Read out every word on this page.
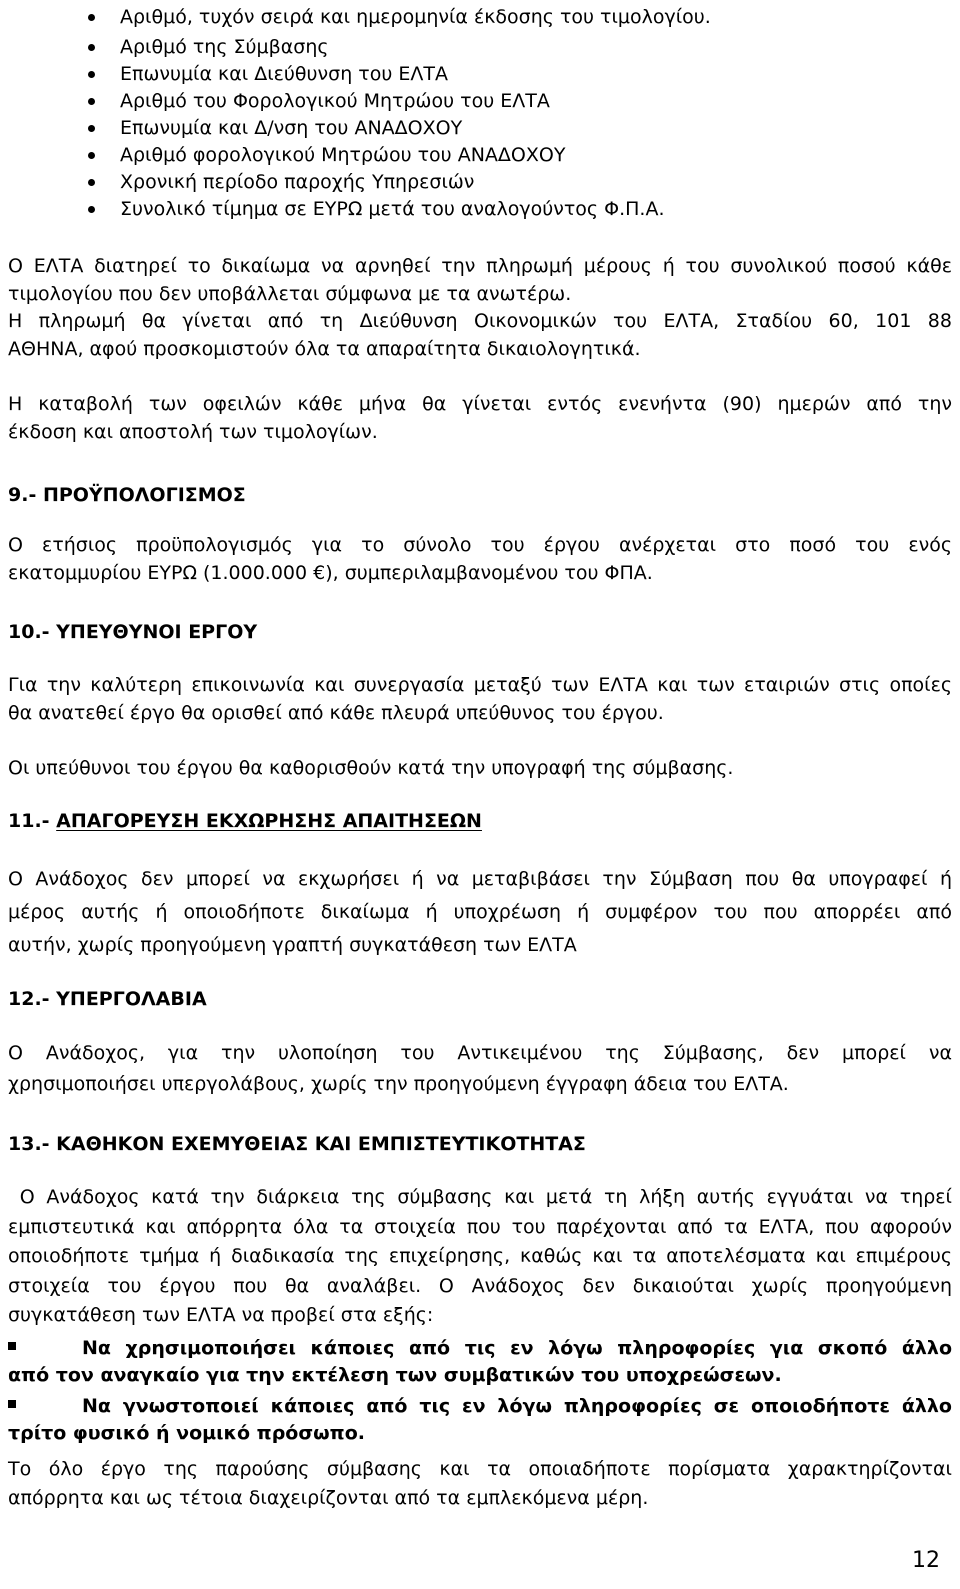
Αριθμό, τυχόν σειρά και ημερομηνία έκδοσης του τιμολογίου.
Αριθμό της Σύμβασης
Επωνυμία και Διεύθυνση του ΕΛΤΑ
Αριθμό του Φορολογικού Μητρώου του ΕΛΤΑ
Επωνυμία και Δ/νση του ΑΝΑΔΟΧΟΥ
Αριθμό φορολογικού Μητρώου του ΑΝΑΔΟΧΟΥ
Χρονική περίοδο παροχής Υπηρεσιών
Συνολικό τίμημα σε ΕΥΡΩ μετά του αναλογούντος Φ.Π.Α.
Ο ΕΛΤΑ διατηρεί το δικαίωμα να αρνηθεί την πληρωμή μέρους ή του συνολικού ποσού κάθε
τιμολογίου που δεν υποβάλλεται σύμφωνα με τα ανωτέρω.
Η πληρωμή θα γίνεται από τη Διεύθυνση Οικονομικών του ΕΛΤΑ, Σταδίου 60, 101 88
ΑΘΗΝΑ, αφού προσκομιστούν όλα τα απαραίτητα δικαιολογητικά.
Η καταβολή των οφειλών κάθε μήνα θα γίνεται εντός ενενήντα (90) ημερών από την
έκδοση και αποστολή των τιμολογίων.
9.- ΠΡΟΫΠΟΛΟΓΙΣΜΟΣ
Ο ετήσιος προϋπολογισμός για το σύνολο του έργου ανέρχεται στο ποσό του ενός
εκατομμυρίου ΕΥΡΩ (1.000.000 €), συμπεριλαμβανομένου του ΦΠΑ.
10.- ΥΠΕΥΘΥΝΟΙ ΕΡΓΟΥ
Για την καλύτερη επικοινωνία και συνεργασία μεταξύ των ΕΛΤΑ και των εταιριών στις οποίες
θα ανατεθεί έργο θα ορισθεί από κάθε πλευρά υπεύθυνος του έργου.
Οι υπεύθυνοι του έργου θα καθορισθούν κατά την υπογραφή της σύμβασης.
11.- ΑΠΑΓΟΡΕΥΣΗ ΕΚΧΩΡΗΣΗΣ ΑΠΑΙΤΗΣΕΩΝ
Ο Ανάδοχος δεν μπορεί να εκχωρήσει ή να μεταβιβάσει την Σύμβαση που θα υπογραφεί ή
μέρος αυτής ή οποιοδήποτε δικαίωμα ή υποχρέωση ή συμφέρον του που απορρέει από
αυτήν, χωρίς προηγούμενη γραπτή συγκατάθεση των ΕΛΤΑ
12.- ΥΠΕΡΓΟΛΑΒΙΑ
Ο Ανάδοχος, για την υλοποίηση του Αντικειμένου της Σύμβασης, δεν μπορεί να
χρησιμοποιήσει υπεργολάβους, χωρίς την προηγούμενη έγγραφη άδεια του ΕΛΤΑ.
13.- ΚΑΘΗΚΟΝ ΕΧΕΜΥΘΕΙΑΣ ΚΑΙ ΕΜΠΙΣΤΕΥΤΙΚΟΤΗΤΑΣ
Ο Ανάδοχος κατά την διάρκεια της σύμβασης και μετά τη λήξη αυτής εγγυάται να τηρεί
εμπιστευτικά και απόρρητα όλα τα στοιχεία που του παρέχονται από τα ΕΛΤΑ, που αφορούν
οποιοδήποτε τμήμα ή διαδικασία της επιχείρησης, καθώς και τα αποτελέσματα και επιμέρους
στοιχεία του έργου που θα αναλάβει. Ο Ανάδοχος δεν δικαιούται χωρίς προηγούμενη
συγκατάθεση των ΕΛΤΑ να προβεί στα εξής:
Να χρησιμοποιήσει κάποιες από τις εν λόγω πληροφορίες για σκοπό άλλο
από τον αναγκαίο για την εκτέλεση των συμβατικών του υποχρεώσεων.
Να γνωστοποιεί κάποιες από τις εν λόγω πληροφορίες σε οποιοδήποτε άλλο
τρίτο φυσικό ή νομικό πρόσωπο.
Το όλο έργο της παρούσης σύμβασης και τα οποιαδήποτε πορίσματα χαρακτηρίζονται
απόρρητα και ως τέτοια διαχειρίζονται από τα εμπλεκόμενα μέρη.
12
